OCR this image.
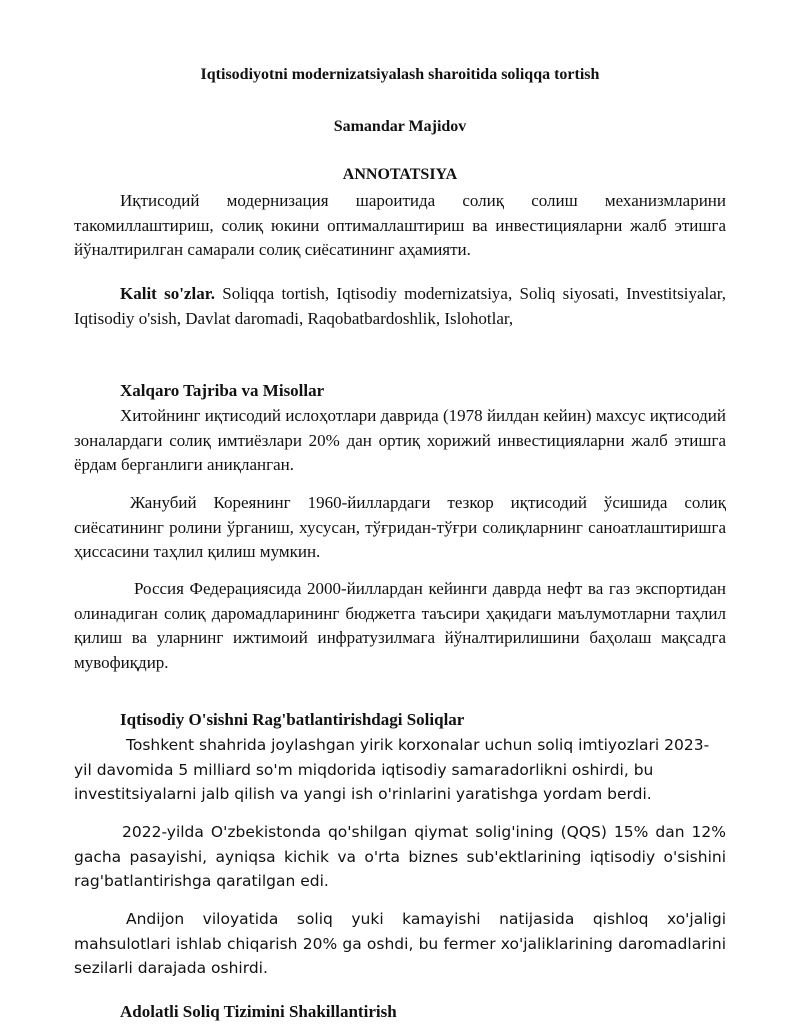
Iqtisodiyotni modernizatsiyalash sharoitida soliqqa tortish
Samandar Majidov
ANNOTATSIYA
Иқтисодий модернизация шароитида солиқ солиш механизмларини такомиллаштириш, солиқ юкини оптималлаштириш ва инвестицияларни жалб этишга йўналтирилган самарали солиқ сиёсатининг аҳамияти.
Kalit so'zlar. Soliqqa tortish, Iqtisodiy modernizatsiya, Soliq siyosati, Investitsiyalar, Iqtisodiy o'sish, Davlat daromadi, Raqobatbardoshlik, Islohotlar,
Xalqaro Tajriba va Misollar
Хитойнинг иқтисодий ислоҳотлари даврида (1978 йилдан кейин) махсус иқтисодий зоналардаги солиқ имтиёзлари 20% дан ортиқ хорижий инвестицияларни жалб этишга ёрдам берганлиги аниқланган.
Жанубий Кореянинг 1960-йиллардаги тезкор иқтисодий ўсишида солиқ сиёсатининг ролини ўрганиш, хусусан, тўғридан-тўғри солиқларнинг саноатлаштиришга ҳиссасини таҳлил қилиш мумкин.
Россия Федерациясида 2000-йиллардан кейинги даврда нефт ва газ экспортидан олинадиган солиқ даромадларининг бюджетга таъсири ҳақидаги маълумотларни таҳлил қилиш ва уларнинг ижтимоий инфратузилмага йўналтирилишини баҳолаш мақсадга мувофиқдир.
Iqtisodiy O'sishni Rag'batlantirishdagi Soliqlar
Toshkent shahrida joylashgan yirik korxonalar uchun soliq imtiyozlari 2023-yil davomida 5 milliard so'm miqdorida iqtisodiy samaradorlikni oshirdi, bu investitsiyalarni jalb qilish va yangi ish o'rinlarini yaratishga yordam berdi.
2022-yilda O'zbekistonda qo'shilgan qiymat solig'ining (QQS) 15% dan 12% gacha pasayishi, ayniqsa kichik va o'rta biznes sub'ektlarining iqtisodiy o'sishini rag'batlantirishga qaratilgan edi.
Andijon viloyatida soliq yuki kamayishi natijasida qishloq xo'jaligi mahsulotlari ishlab chiqarish 20% ga oshdi, bu fermer xo'jaliklarining daromadlarini sezilarli darajada oshirdi.
Adolatli Soliq Tizimini Shakillantirish
